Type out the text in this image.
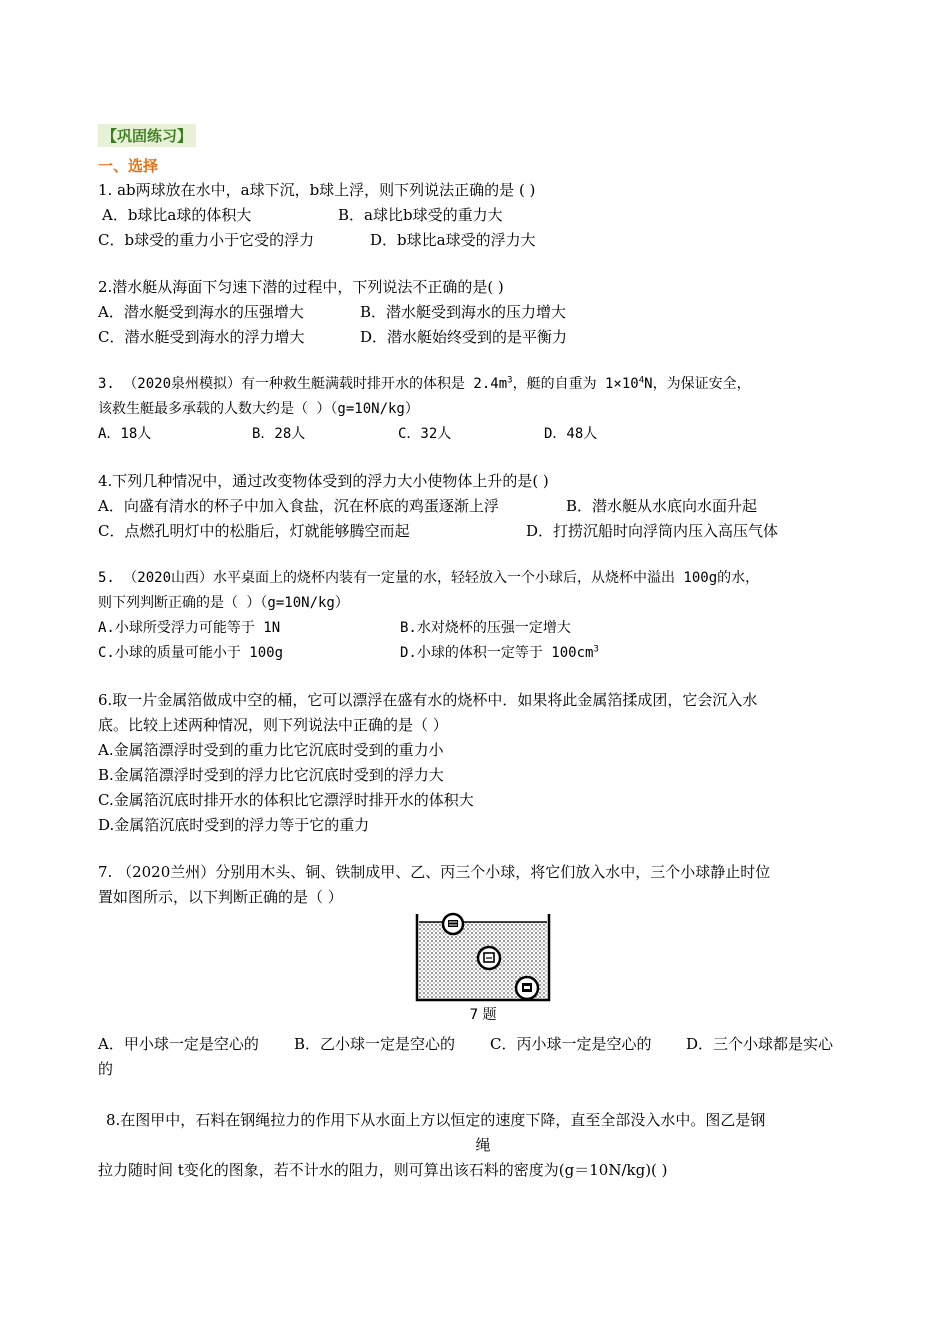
【巩固练习】
一、选择
1. ab两球放在水中，a球下沉，b球上浮，则下列说法正确的是 ( )
A．b球比a球的体积大	B．a球比b球受的重力大
C．b球受的重力小于它受的浮力	D．b球比a球受的浮力大
2.潜水艇从海面下匀速下潜的过程中，下列说法不正确的是( )
A．潜水艇受到海水的压强增大	B．潜水艇受到海水的压力增大
C．潜水艇受到海水的浮力增大	D．潜水艇始终受到的是平衡力
3. （2020泉州模拟）有一种救生艇满载时排开水的体积是 $2.4m^3$，艇的自重为 $1\times 10^4N$，为保证安全，
该救生艇最多承载的人数大约是（ ）（g=10N/kg）
A．18人	B．28人	C．32人	D．48人
4.下列几种情况中，通过改变物体受到的浮力大小使物体上升的是( )
A．向盛有清水的杯子中加入食盐，沉在杯底的鸡蛋逐渐上浮	B．潜水艇从水底向水面升起
C．点燃孔明灯中的松脂后，灯就能够腾空而起	D．打捞沉船时向浮筒内压入高压气体
5. （2020山西）水平桌面上的烧杯内装有一定量的水，轻轻放入一个小球后，从烧杯中溢出 100g的水，
则下列判断正确的是（ ）（g=10N/kg）
A.小球所受浮力可能等于 1N	B.水对烧杯的压强一定增大
C.小球的质量可能小于 100g	D.小球的体积一定等于 $100cm^3$
6.取一片金属箔做成中空的桶，它可以漂浮在盛有水的烧杯中．如果将此金属箔揉成团，它会沉入水
底。比较上述两种情况，则下列说法中正确的是（ ）
A.金属箔漂浮时受到的重力比它沉底时受到的重力小
B.金属箔漂浮时受到的浮力比它沉底时受到的浮力大
C.金属箔沉底时排开水的体积比它漂浮时排开水的体积大
D.金属箔沉底时受到的浮力等于它的重力
7. （2020兰州）分别用木头、铜、铁制成甲、乙、丙三个小球，将它们放入水中，三个小球静止时位
置如图所示，以下判断正确的是（ ）
7 题
A．甲小球一定是空心的	B．乙小球一定是空心的	C．丙小球一定是空心的	D．三个小球都是实心
的
8.在图甲中，石料在钢绳拉力的作用下从水面上方以恒定的速度下降，直至全部没入水中。图乙是钢
绳
拉力随时间 t变化的图象，若不计水的阻力，则可算出该石料的密度为(g＝10N/kg)( )
